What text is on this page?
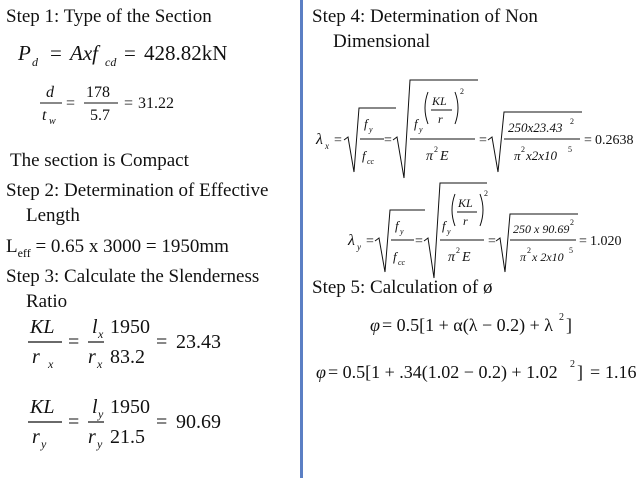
Step 1: Type of the Section
The section is Compact
Step 2: Determination of Effective
Length
$L_{eff} = 0.65$ x 3000 = 1950mm
Step 3: Calculate the Slenderness
Ratio
Step 4: Determination of Non
Dimensional
Step 5: Calculation of ø
P d = Axf cd = 428.82kN
d
t w
=
178
5.7
= 31.22
KL
r x
=
l x
r x
1950
83.2
= 23.43
KL
r y
=
l y
r y
1950
21.5
= 90.69
λ x =
f y
f cc
=
f y
KL
r
2
π 2 E
=
250x23.43 2
π 2 x2x10 5
= 0.2638
λ y =
f y
f cc
=
f y
KL
r
2
π 2 E
=
250 x 90.69 2
π 2 x 2x10 5
= 1.020
φ = 0.5[1 + α(λ − 0.2) + λ 2 ]
φ = 0.5[1 + .34(1.02 − 0.2) + 1.02 2 ] = 1.16
